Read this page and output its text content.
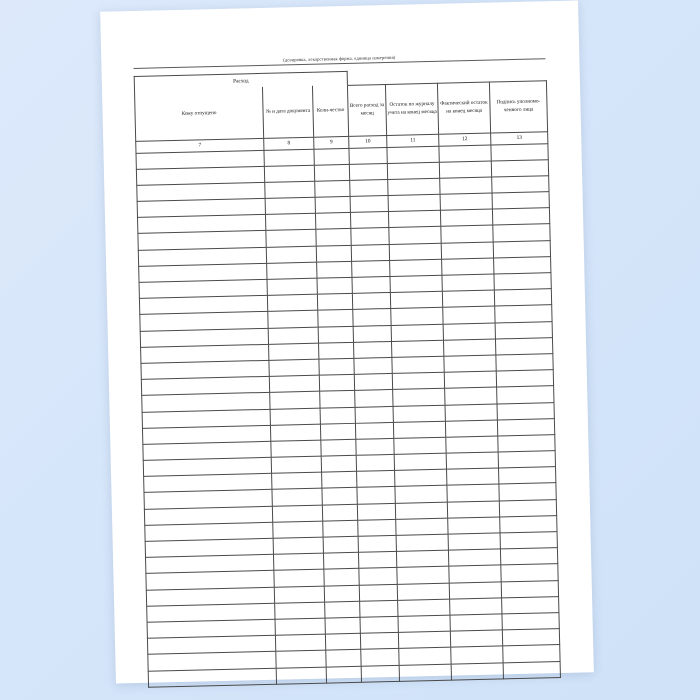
(дозировка, лекарственная форма, единица измерения)
Расход						
Кому отпущено	№ и дата документа	Коли-чество	Всего расход за месяц	Остаток по журналу учета на конец месяца	Фактический остаток на конец месяца	Подпись уполномо-ченного лица
7	8	9	10	11	12	13
